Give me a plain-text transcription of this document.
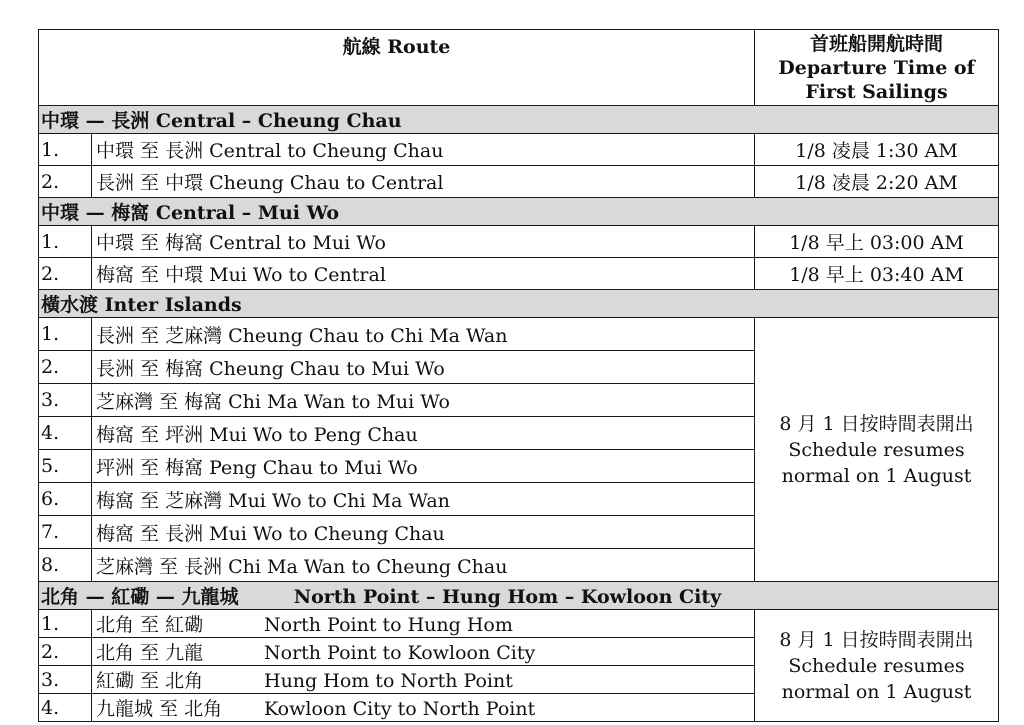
航線 Route		首班船開航時間
Departure Time of
First Sailings

中環 — 長洲 Central – Cheung Chau		
1.	中環 至 長洲 Central to Cheung Chau	1/8 凌晨 1:30 AM
2.	長洲 至 中環 Cheung Chau to Central	1/8 凌晨 2:20 AM
中環 — 梅窩 Central – Mui Wo		
1.	中環 至 梅窩 Central to Mui Wo	1/8 早上 03:00 AM
2.	梅窩 至 中環 Mui Wo to Central	1/8 早上 03:40 AM
橫水渡 Inter Islands		
1.	長洲 至 芝麻灣 Cheung Chau to Chi Ma Wan	8 月 1 日按時間表開出
Schedule resumes
normal on 1 August

2.	長洲 至 梅窩 Cheung Chau to Mui Wo	
3.	芝麻灣 至 梅窩 Chi Ma Wan to Mui Wo	
4.	梅窩 至 坪洲 Mui Wo to Peng Chau	
5.	坪洲 至 梅窩 Peng Chau to Mui Wo	
6.	梅窩 至 芝麻灣 Mui Wo to Chi Ma Wan	
7.	梅窩 至 長洲 Mui Wo to Cheung Chau	
8.	芝麻灣 至 長洲 Chi Ma Wan to Cheung Chau	
北角 — 紅磡 — 九龍城 North Point – Hung Hom – Kowloon City		
1.	北角 至 紅磡 North Point to Hung Hom	8 月 1 日按時間表開出
Schedule resumes
normal on 1 August

2.	北角 至 九龍 North Point to Kowloon City	
3.	紅磡 至 北角 Hung Hom to North Point	
4.	九龍城 至 北角 Kowloon City to North Point	
